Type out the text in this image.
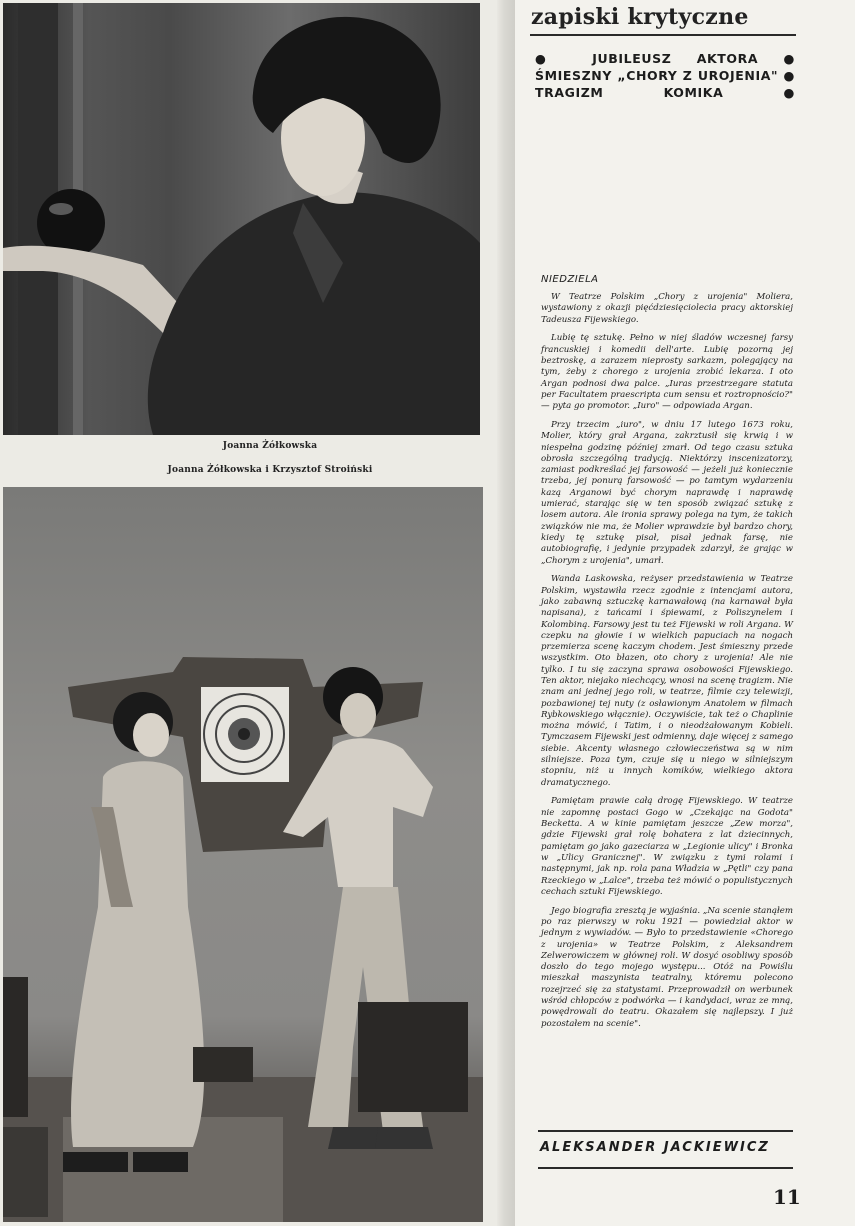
Joanna Żółkowska
Joanna Żółkowska i Krzysztof Stroiński
zapiski krytyczne
● JUBILEUSZ AKTORA ● ŚMIESZNY „CHORY Z UROJENIA" ● TRAGIZM KOMIKA ●
NIEDZIELA

W Teatrze Polskim „Chory z urojenia" Moliera, wystawiony z okazji pięćdziesięciolecia pracy aktorskiej Tadeusza Fijewskiego.

Lubię tę sztukę. Pełno w niej śladów wczesnej farsy francuskiej i komedii dell'arte. Lubię pozorną jej beztroskę, a zarazem nieprosty sarkazm, polegający na tym, żeby z chorego z urojenia zrobić lekarza. I oto Argan podnosi dwa palce. „Iuras przestrzegare statuta per Facultatem praescripta cum sensu et roztropnościo?" — pyta go promotor. „Iuro" — odpowiada Argan.

Przy trzecim „iuro", w dniu 17 lutego 1673 roku, Molier, który grał Argana, zakrztusił się krwią i w niespełna godzinę później zmarł. Od tego czasu sztuka obrosła szczególną tradycją. Niektórzy inscenizatorzy, zamiast podkreślać jej farsowość — jeżeli już koniecznie trzeba, jej ponurą farsowość — po tamtym wydarzeniu kazą Arganowi być chorym naprawdę i naprawdę umierać, starając się w ten sposób związać sztukę z losem autora. Ale ironia sprawy polega na tym, że takich związków nie ma, że Molier wprawdzie był bardzo chory, kiedy tę sztukę pisał, pisał jednak farsę, nie autobiografię, i jedynie przypadek zdarzył, że grając w „Chorym z urojenia", umarł.

Wanda Laskowska, reżyser przedstawienia w Teatrze Polskim, wystawiła rzecz zgodnie z intencjami autora, jako zabawną sztuczkę karnawałową (na karnawał była napisana), z tańcami i śpiewami, z Poliszynelem i Kolombiną. Farsowy jest tu też Fijewski w roli Argana. W czepku na głowie i w wielkich papuciach na nogach przemierza scenę kaczym chodem. Jest śmieszny przede wszystkim. Oto błazen, oto chory z urojenia! Ale nie tylko. I tu się zaczyna sprawa osobowości Fijewskiego. Ten aktor, niejako niechcący, wnosi na scenę tragizm. Nie znam ani jednej jego roli, w teatrze, filmie czy telewizji, pozbawionej tej nuty (z osławionym Anatolem w filmach Rybkowskiego włącznie). Oczywiście, tak też o Chaplinie można mówić, i Tatim, i o nieodżałowanym Kobieli. Tymczasem Fijewski jest odmienny, daje więcej z samego siebie. Akcenty własnego człowieczeństwa są w nim silniejsze. Poza tym, czuje się u niego w silniejszym stopniu, niż u innych komików, wielkiego aktora dramatycznego.

Pamiętam prawie całą drogę Fijewskiego. W teatrze nie zapomnę postaci Gogo w „Czekając na Godota" Becketta. A w kinie pamiętam jeszcze „Zew morza", gdzie Fijewski grał rolę bohatera z lat dziecinnych, pamiętam go jako gazeciarza w „Legionie ulicy" i Bronka w „Ulicy Granicznej". W związku z tymi rolami i następnymi, jak np. rola pana Władzia w „Pętli" czy pana Rzeckiego w „Lalce", trzeba też mówić o populistycznych cechach sztuki Fijewskiego.

Jego biografia zresztą je wyjaśnia. „Na scenie stanąłem po raz pierwszy w roku 1921 — powiedział aktor w jednym z wywiadów. — Było to przedstawienie «Chorego z urojenia» w Teatrze Polskim, z Aleksandrem Zelwerowiczem w głównej roli. W dosyć osobliwy sposób doszło do tego mojego występu... Otóż na Powiślu mieszkał maszynista teatralny, któremu polecono rozejrzeć się za statystami. Przeprowadził on werbunek wśród chłopców z podwórka — i kandydaci, wraz ze mną, powędrowali do teatru. Okazałem się najlepszy. I już pozostałem na scenie".

ALEKSANDER JACKIEWICZ
11
